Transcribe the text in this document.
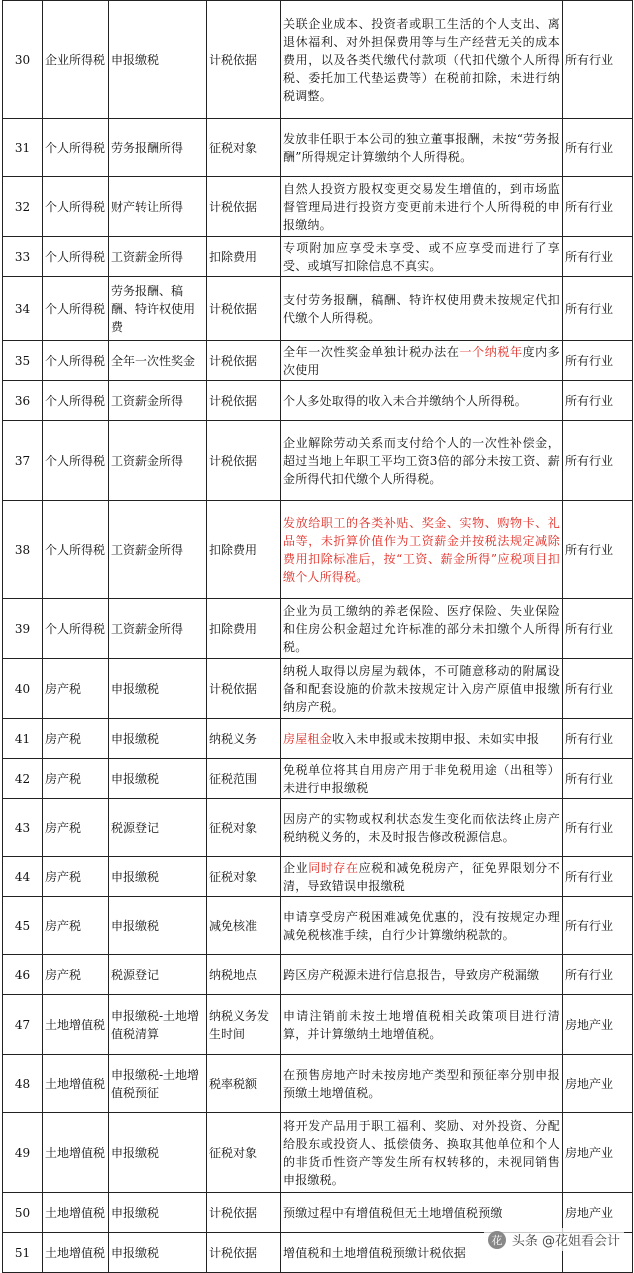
30	企业所得税	申报缴税	计税依据	关联企业成本、投资者或职工生活的个人支出、离退休福利、对外担保费用等与生产经营无关的成本费用，以及各类代缴代付款项（代扣代缴个人所得税、委托加工代垫运费等）在税前扣除，未进行纳税调整。	所有行业
31	个人所得税	劳务报酬所得	征税对象	发放非任职于本公司的独立董事报酬，未按“劳务报酬”所得规定计算缴纳个人所得税。	所有行业
32	个人所得税	财产转让所得	计税依据	自然人投资方股权变更交易发生增值的，到市场监督管理局进行投资方变更前未进行个人所得税的申报缴纳。	所有行业
33	个人所得税	工资薪金所得	扣除费用	专项附加应享受未享受、或不应享受而进行了享受、或填写扣除信息不真实。	所有行业
34	个人所得税	劳务报酬、稿酬、特许权使用费	计税依据	支付劳务报酬，稿酬、特许权使用费未按规定代扣代缴个人所得税。	所有行业
35	个人所得税	全年一次性奖金	计税依据	全年一次性奖金单独计税办法在一个纳税年度内多次使用	所有行业
36	个人所得税	工资薪金所得	计税依据	个人多处取得的收入未合并缴纳个人所得税。	所有行业
37	个人所得税	工资薪金所得	计税依据	企业解除劳动关系而支付给个人的一次性补偿金，超过当地上年职工平均工资3倍的部分未按工资、薪金所得代扣代缴个人所得税。	所有行业
38	个人所得税	工资薪金所得	扣除费用	发放给职工的各类补贴、奖金、实物、购物卡、礼品等，未折算价值作为工资薪金并按税法规定减除费用扣除标准后，按“工资、薪金所得”应税项目扣缴个人所得税。	所有行业
39	个人所得税	工资薪金所得	扣除费用	企业为员工缴纳的养老保险、医疗保险、失业保险和住房公积金超过允许标准的部分未扣缴个人所得税。	所有行业
40	房产税	申报缴税	计税依据	纳税人取得以房屋为载体，不可随意移动的附属设备和配套设施的价款未按规定计入房产原值申报缴纳房产税。	所有行业
41	房产税	申报缴税	纳税义务	房屋租金收入未申报或未按期申报、未如实申报	所有行业
42	房产税	申报缴税	征税范围	免税单位将其自用房产用于非免税用途（出租等）未进行申报缴税	所有行业
43	房产税	税源登记	征税对象	因房产的实物或权利状态发生变化而依法终止房产税纳税义务的，未及时报告修改税源信息。	所有行业
44	房产税	申报缴税	征税对象	企业同时存在应税和减免税房产，征免界限划分不清，导致错误申报缴税	所有行业
45	房产税	申报缴税	减免核准	申请享受房产税困难减免优惠的，没有按规定办理减免税核准手续，自行少计算缴纳税款的。	所有行业
46	房产税	税源登记	纳税地点	跨区房产税源未进行信息报告，导致房产税漏缴	所有行业
47	土地增值税	申报缴税-土地增值税清算	纳税义务发生时间	申请注销前未按土地增值税相关政策项目进行清算，并计算缴纳土地增值税。	房地产业
48	土地增值税	申报缴税-土地增值税预征	税率税额	在预售房地产时未按房地产类型和预征率分别申报预缴土地增值税。	房地产业
49	土地增值税	申报缴税	征税对象	将开发产品用于职工福利、奖励、对外投资、分配给股东或投资人、抵偿债务、换取其他单位和个人的非货币性资产等发生所有权转移的，未视同销售申报缴税。	房地产业
50	土地增值税	申报缴税	计税依据	预缴过程中有增值税但无土地增值税预缴	房地产业
51	土地增值税	申报缴税	计税依据	增值税和土地增值税预缴计税依据	
花 头条 @花姐看会计
